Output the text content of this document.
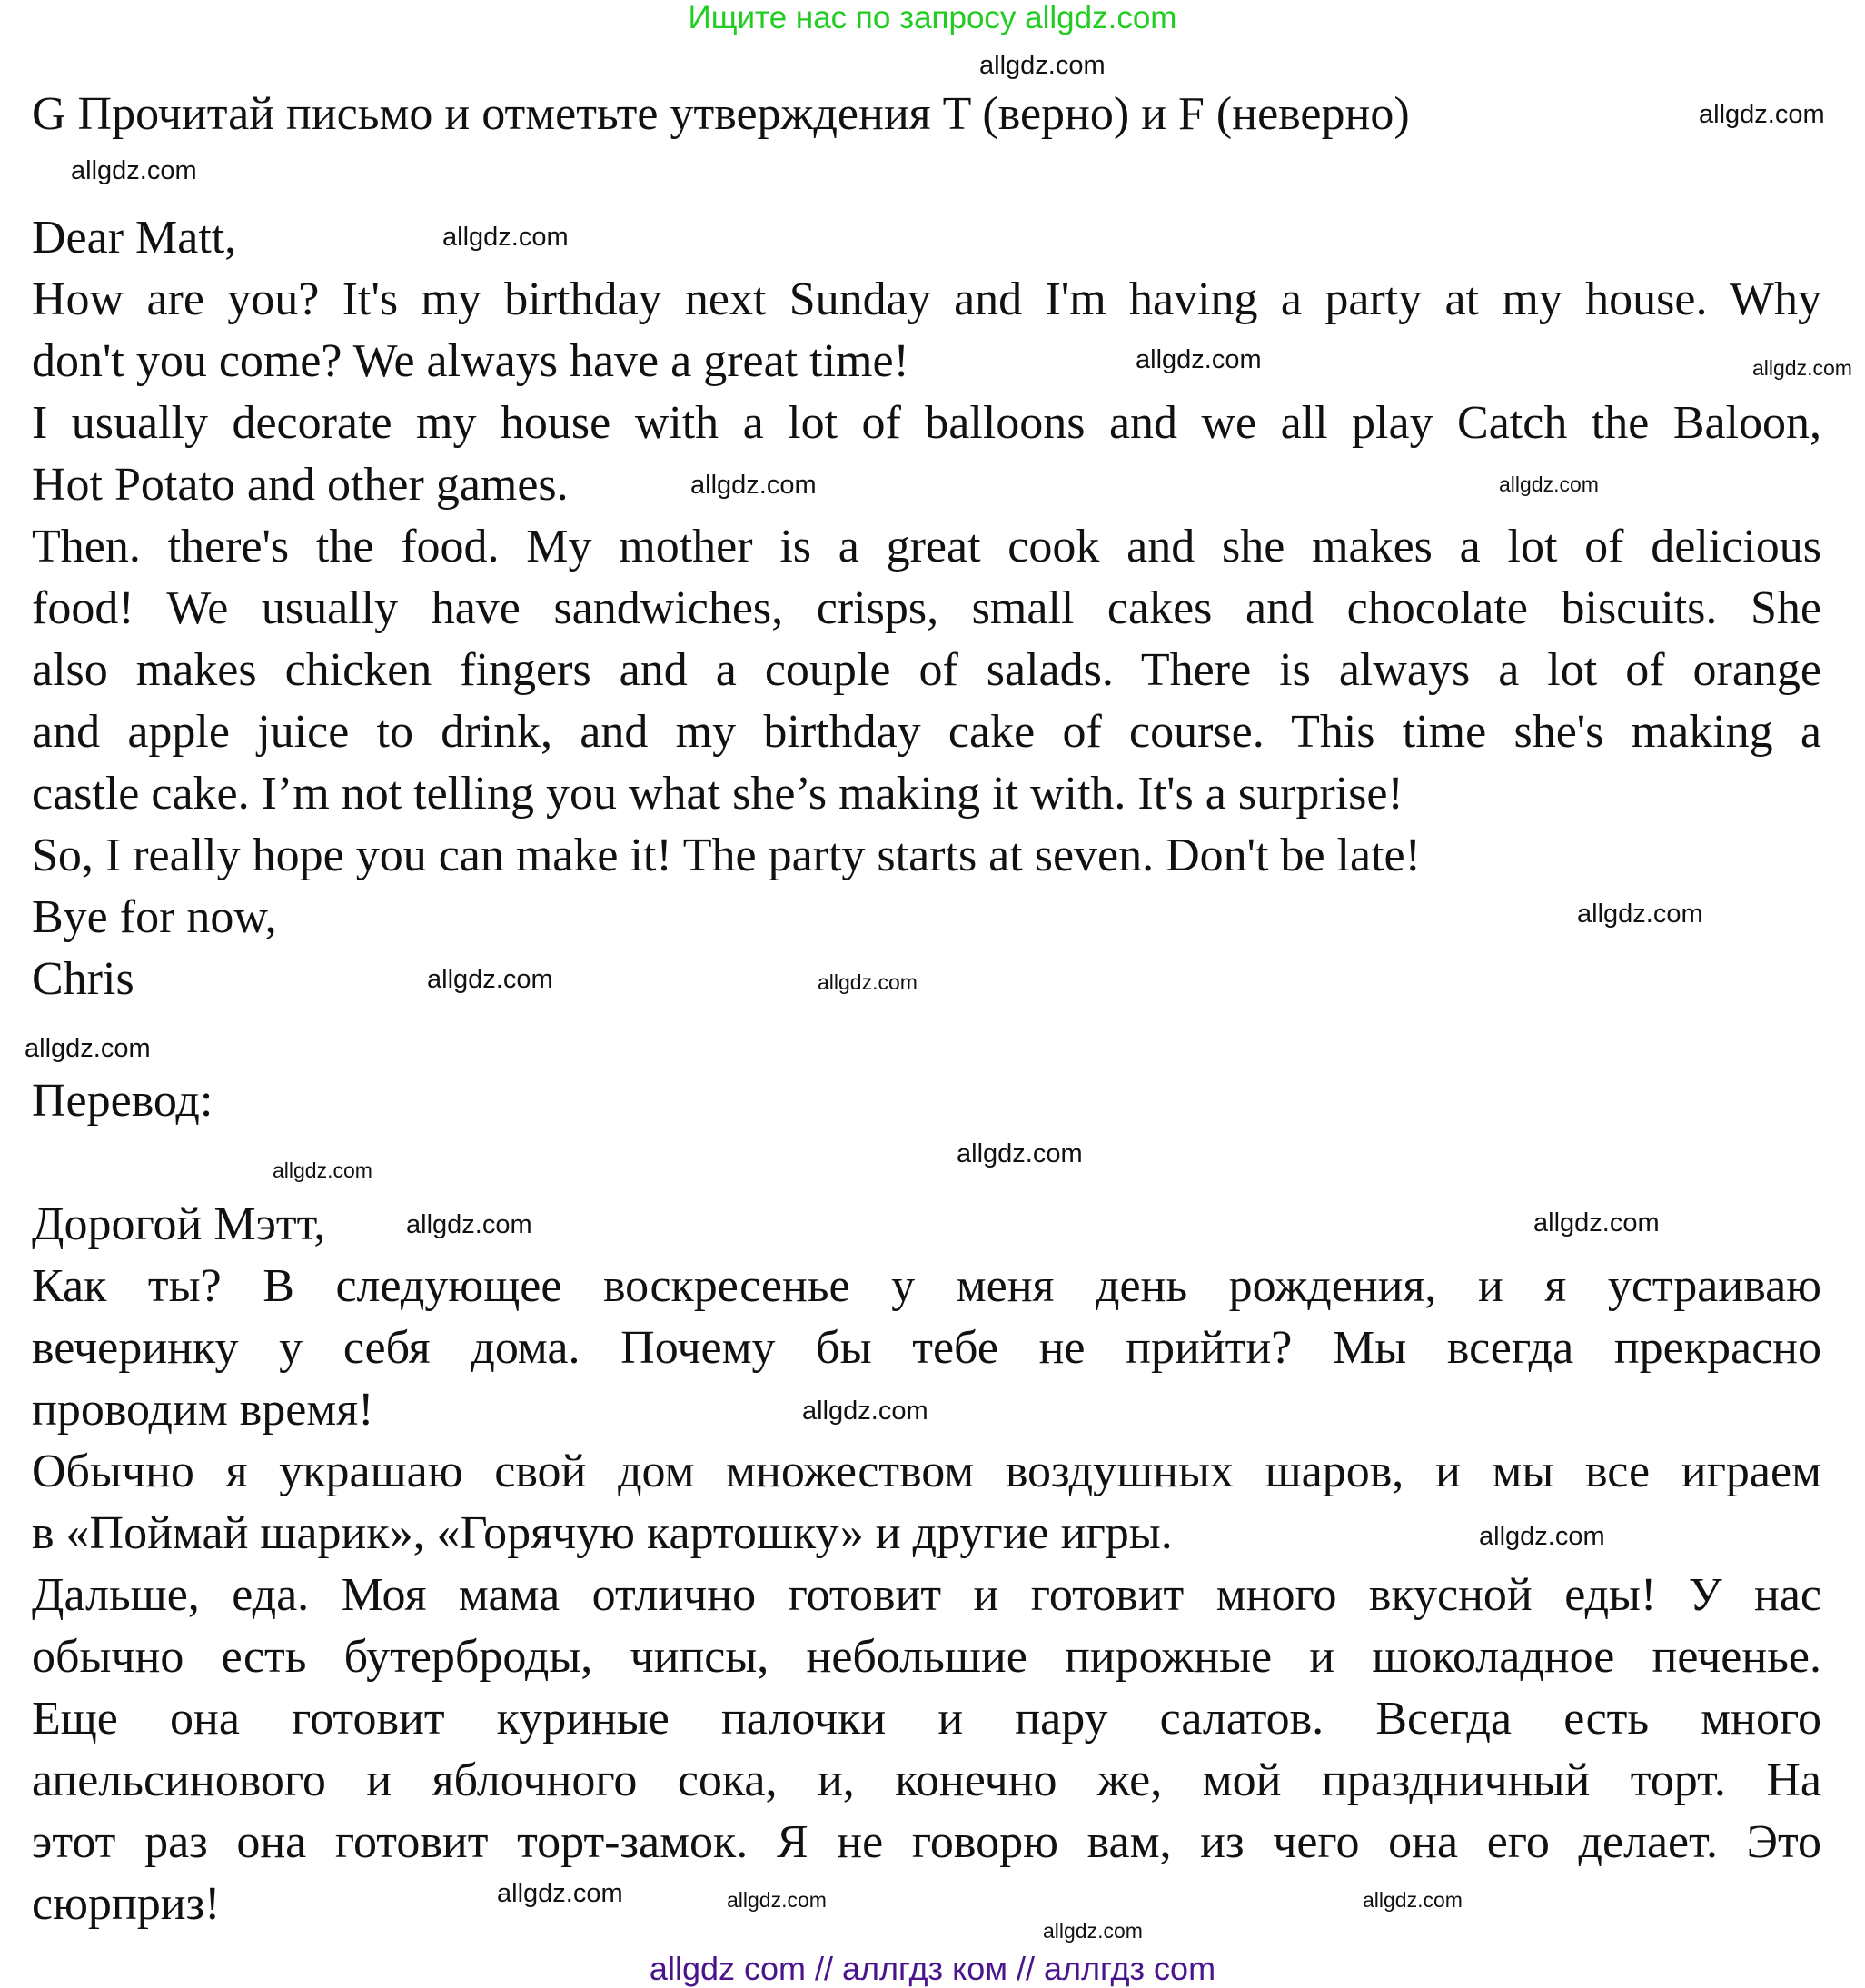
Ищите нас по запросу allgdz.com
G Прочитай письмо и отметьте утверждения T (верно) и F (неверно)
Dear Matt,
How are you? It's my birthday next Sunday and I'm having a party at my house. Why
don't you come? We always have a great time!
I usually decorate my house with a lot of balloons and we all play Catch the Baloon,
Hot Potato and other games.
Then. there's the food. My mother is a great cook and she makes a lot of delicious
food! We usually have sandwiches, crisps, small cakes and chocolate biscuits. She
also makes chicken fingers and a couple of salads. There is always a lot of orange
and apple juice to drink, and my birthday cake of course. This time she's making a
castle cake. I’m not telling you what she’s making it with. It's a surprise!
So, I really hope you can make it! The party starts at seven. Don't be late!
Bye for now,
Chris
Перевод:
Дорогой Мэтт,
Как ты? В следующее воскресенье у меня день рождения, и я устраиваю
вечеринку у себя дома. Почему бы тебе не прийти? Мы всегда прекрасно
проводим время!
Обычно я украшаю свой дом множеством воздушных шаров, и мы все играем
в «Поймай шарик», «Горячую картошку» и другие игры.
Дальше, еда. Моя мама отлично готовит и готовит много вкусной еды! У нас
обычно есть бутерброды, чипсы, небольшие пирожные и шоколадное печенье.
Еще она готовит куриные палочки и пару салатов. Всегда есть много
апельсинового и яблочного сока, и, конечно же, мой праздничный торт. На
этот раз она готовит торт-замок. Я не говорю вам, из чего она его делает. Это
сюрприз!
allgdz.com
allgdz.com
allgdz.com
allgdz.com
allgdz.com	allgdz.com
allgdz.com	allgdz.com
allgdz.com
allgdz.com
allgdz.com
allgdz.com
allgdz.com
allgdz.com
allgdz.com
allgdz.com
allgdz.com
allgdz.com
allgdz.com
allgdz.com
allgdz.com
allgdz.com
allgdz com // аллгдз ком // аллгдз com
